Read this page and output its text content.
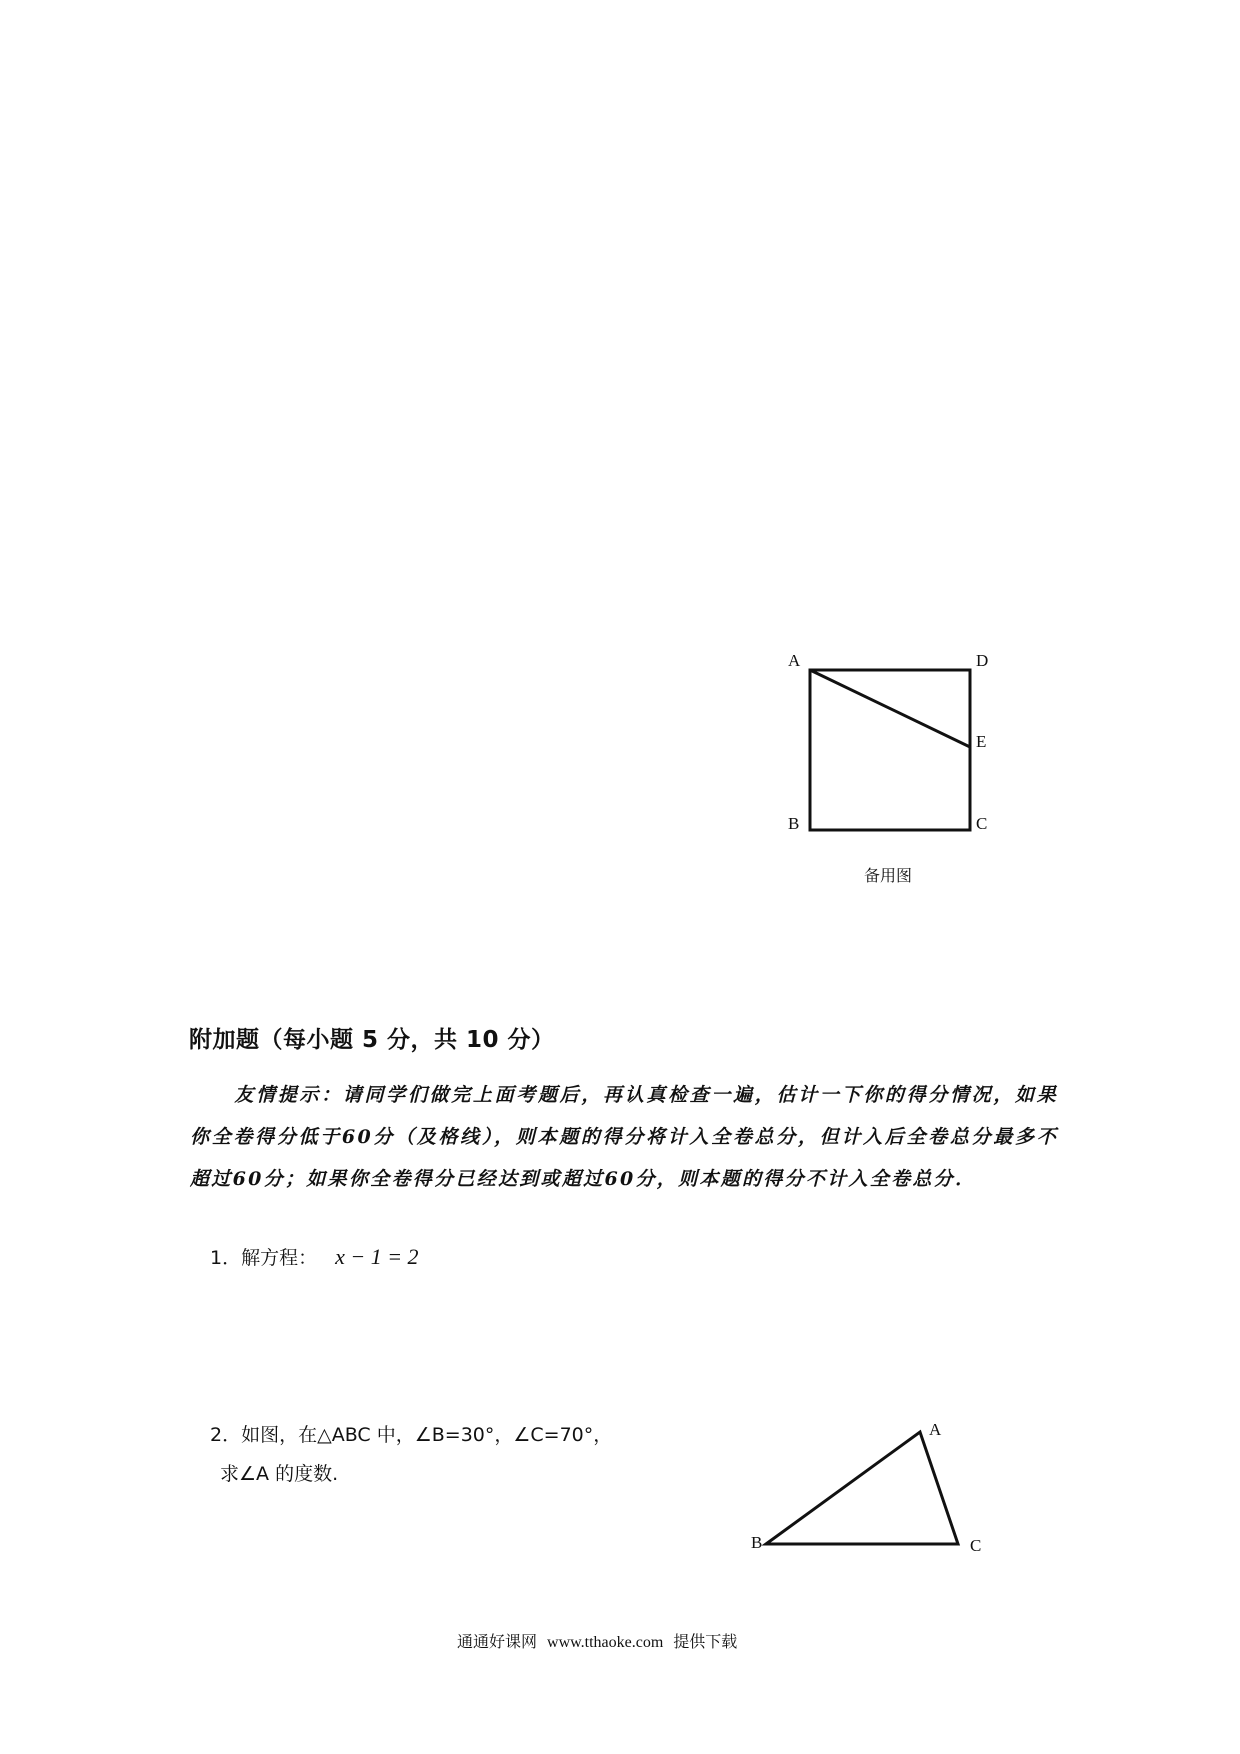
A	D
E
B	C
备用图
附加题（每小题 5 分，共 10 分）
友情提示：请同学们做完上面考题后，再认真检查一遍，估计一下你的得分情况，如果你全卷得分低于60分（及格线），则本题的得分将计入全卷总分，但计入后全卷总分最多不超过60分；如果你全卷得分已经达到或超过60分，则本题的得分不计入全卷总分．
1．解方程： x − 1 = 2
2．如图，在△ABC 中，∠B=30°，∠C=70°，
求∠A 的度数.
A
B	C
通通好课网 www.tthaoke.com 提供下载
